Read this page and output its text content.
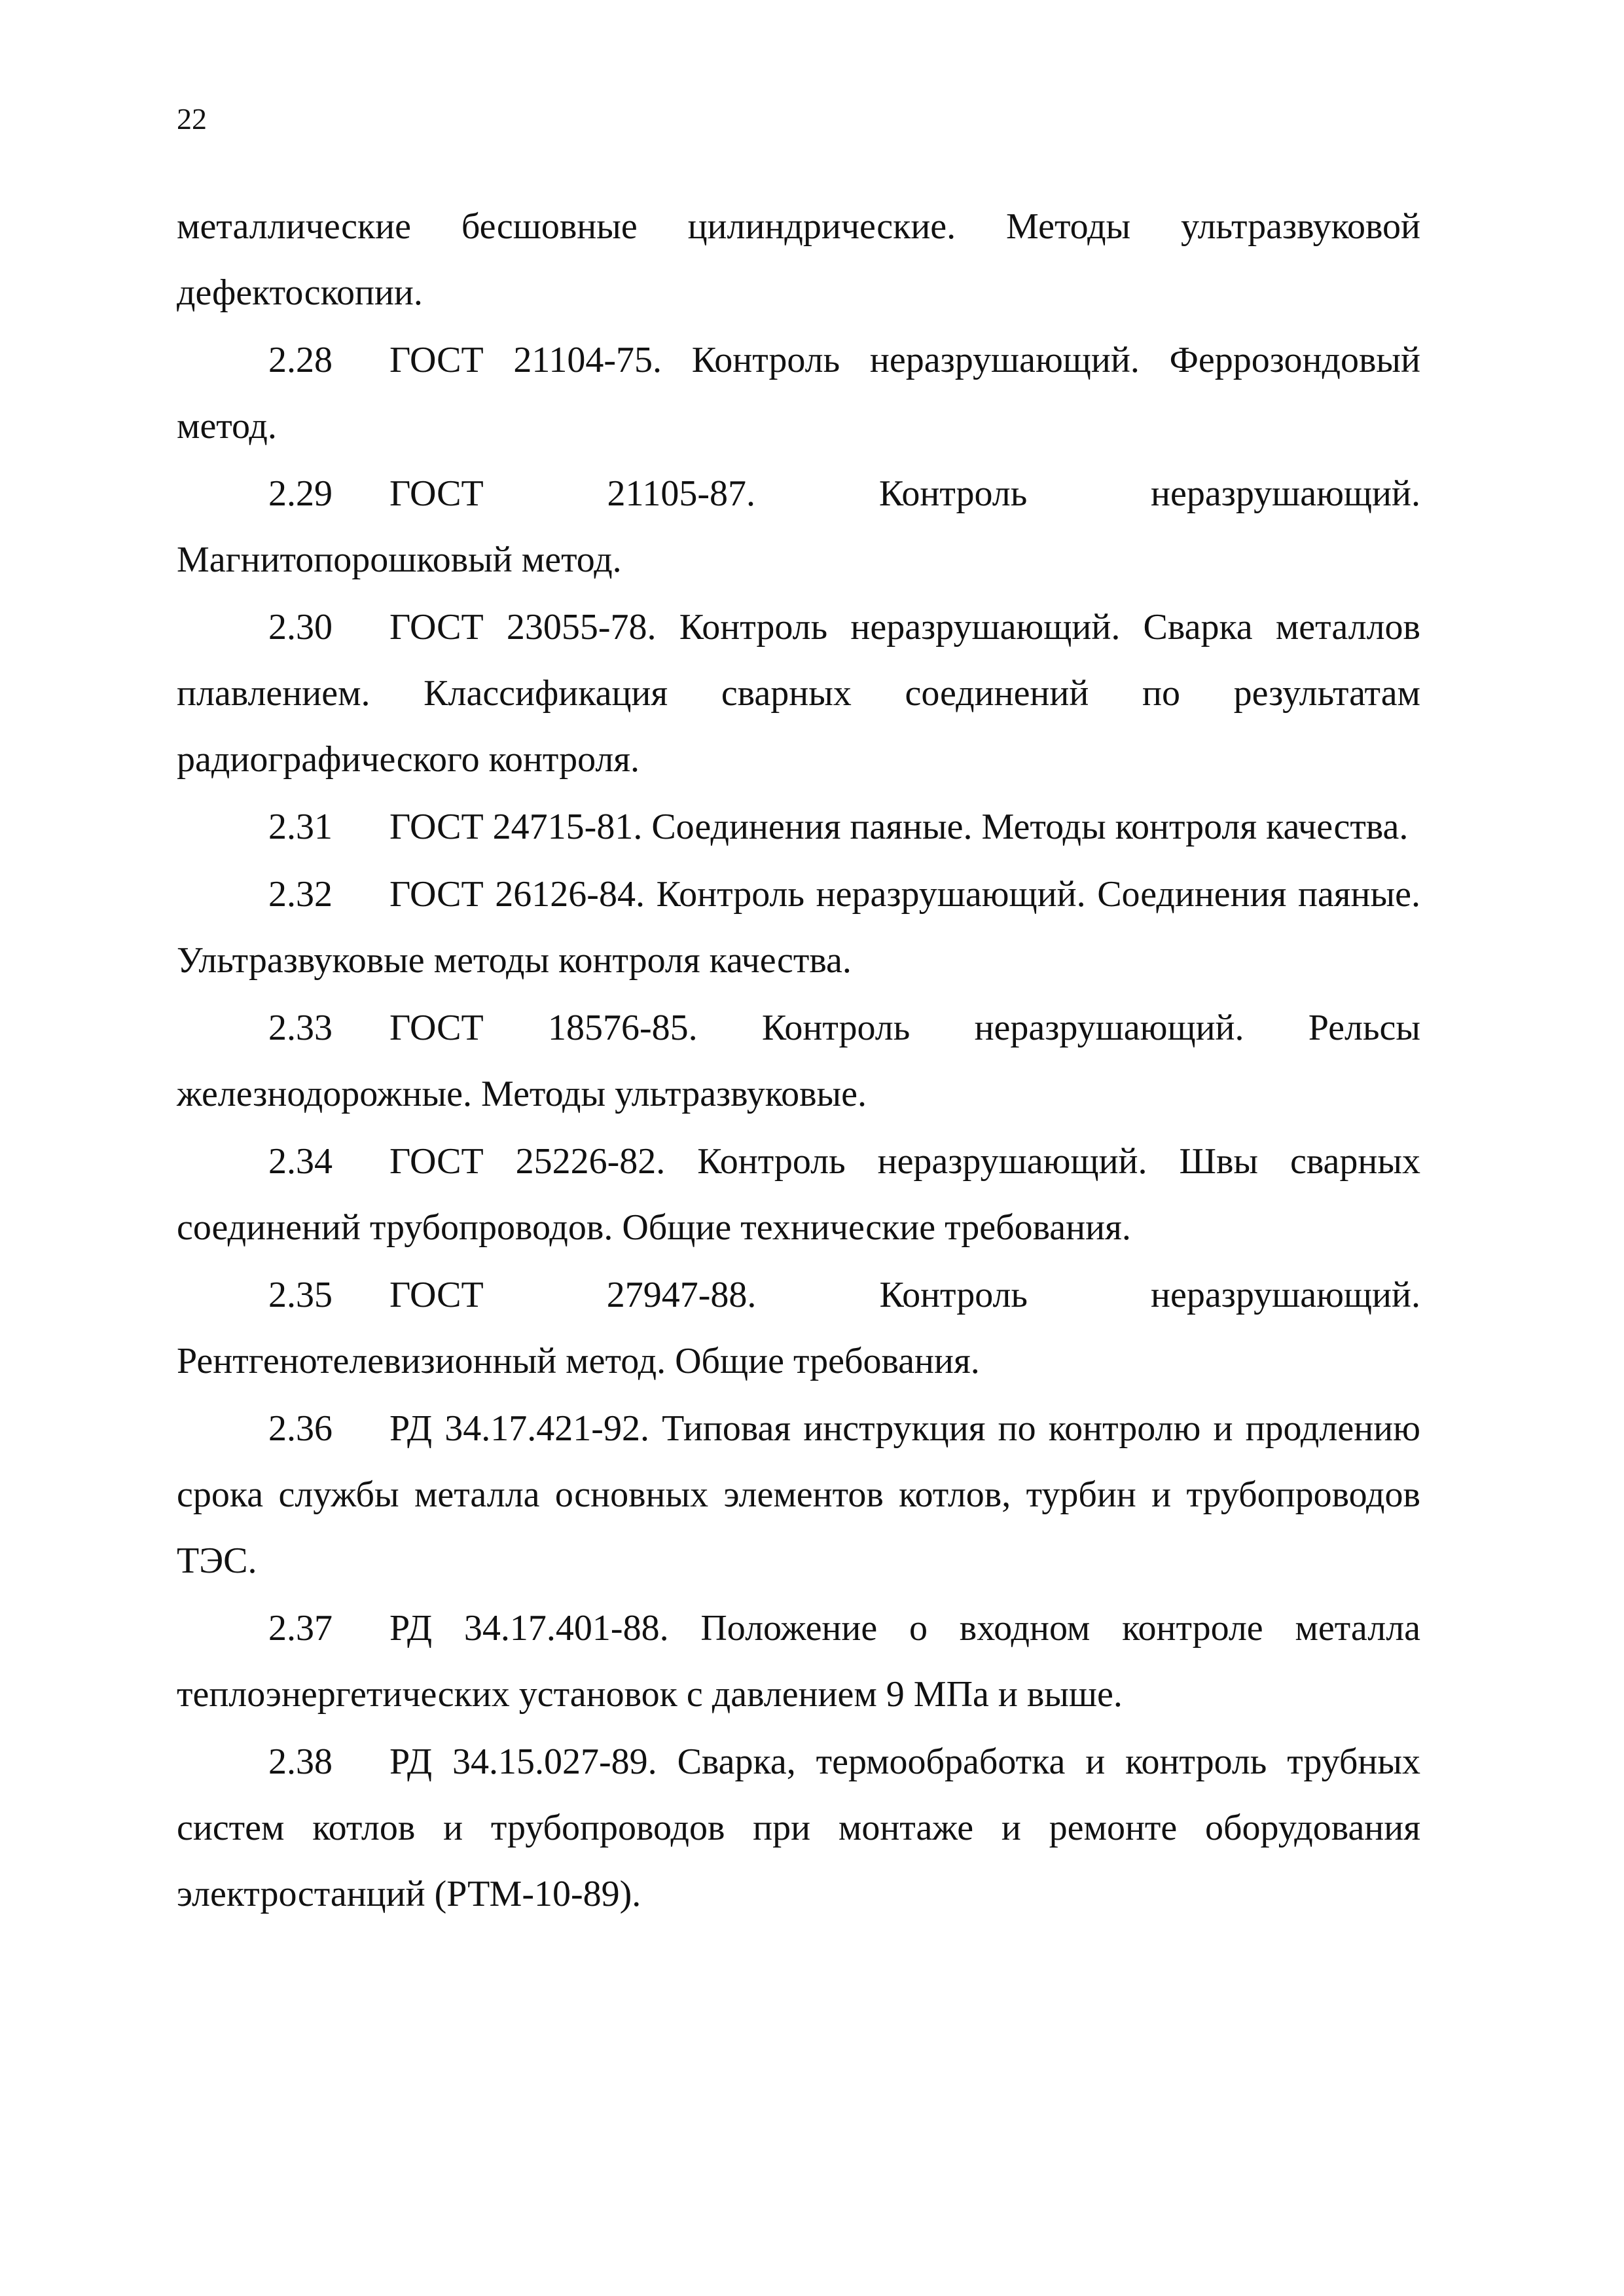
22

металлические бесшовные цилиндрические. Методы ультразвуковой дефектоскопии.

2.28 ГОСТ 21104-75. Контроль неразрушающий. Феррозондовый метод.

2.29 ГОСТ 21105-87. Контроль неразрушающий. Магнитопорошковый метод.

2.30 ГОСТ 23055-78. Контроль неразрушающий. Сварка металлов плавлением. Классификация сварных соединений по результатам радиографического контроля.

2.31 ГОСТ 24715-81. Соединения паяные. Методы контроля качества.

2.32 ГОСТ 26126-84. Контроль неразрушающий. Соединения паяные. Ультразвуковые методы контроля качества.

2.33 ГОСТ 18576-85. Контроль неразрушающий. Рельсы железнодорожные. Методы ультразвуковые.

2.34 ГОСТ 25226-82. Контроль неразрушающий. Швы сварных соединений трубопроводов. Общие технические требования.

2.35 ГОСТ 27947-88. Контроль неразрушающий. Рентгенотелевизионный метод. Общие требования.

2.36 РД 34.17.421-92. Типовая инструкция по контролю и продлению срока службы металла основных элементов котлов, турбин и трубопроводов ТЭС.

2.37 РД 34.17.401-88. Положение о входном контроле металла теплоэнергетических установок с давлением 9 МПа и выше.

2.38 РД 34.15.027-89. Сварка, термообработка и контроль трубных систем котлов и трубопроводов при монтаже и ремонте оборудования электростанций (РТМ-10-89).
